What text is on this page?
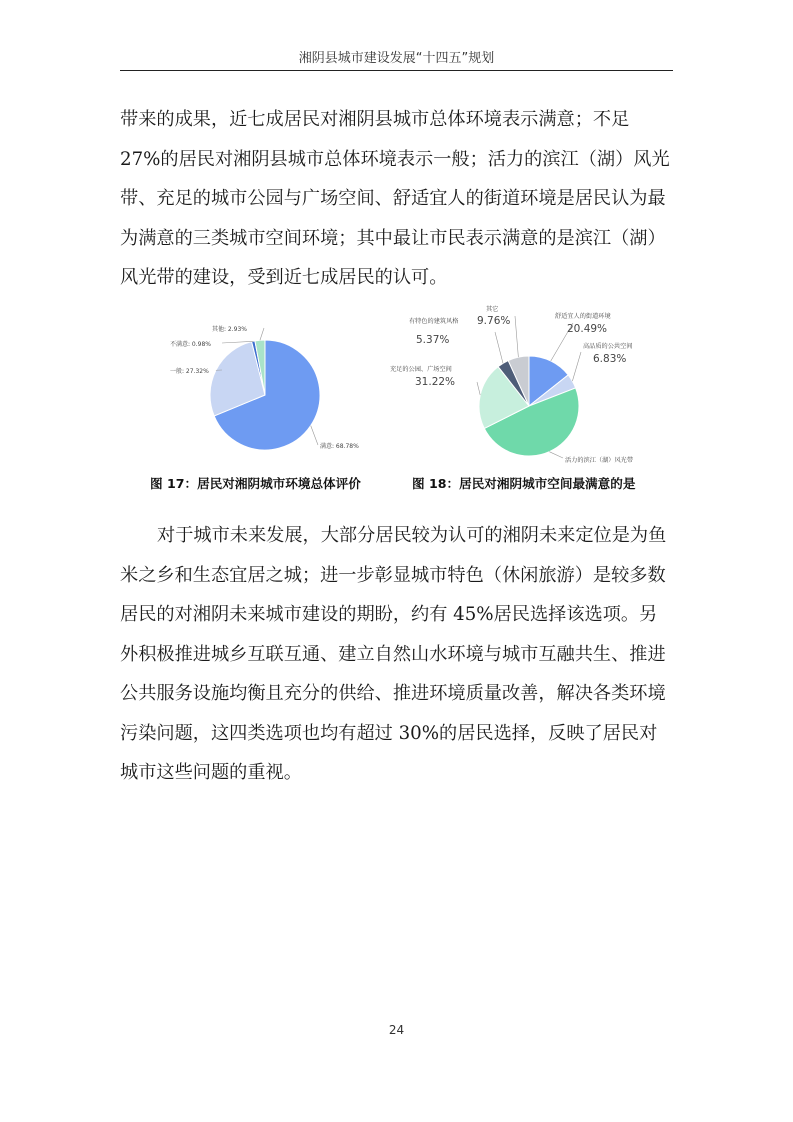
湘阴县城市建设发展“十四五”规划

带来的成果，近七成居民对湘阴县城市总体环境表示满意；不足 27%的居民对湘阴县城市总体环境表示一般；活力的滨江（湖）风光带、充足的城市公园与广场空间、舒适宜人的街道环境是居民认为最为满意的三类城市空间环境；其中最让市民表示满意的是滨江（湖）风光带的建设，受到近七成居民的认可。

满意: 68.78%
一般: 27.32%
不满意: 0.98%
其他: 2.93%
舒适宜人的街道环境
20.49%
高品质的公共空间
6.83%
活力的滨江（湖）风光带
充足的公园、广场空间
31.22%
有特色的建筑风格
5.37%
其它
9.76%
图 17：居民对湘阴城市环境总体评价	图 18：居民对湘阴城市空间最满意的是

对于城市未来发展，大部分居民较为认可的湘阴未来定位是为鱼米之乡和生态宜居之城；进一步彰显城市特色（休闲旅游）是较多数居民的对湘阴未来城市建设的期盼，约有 45%居民选择该选项。另外积极推进城乡互联互通、建立自然山水环境与城市互融共生、推进公共服务设施均衡且充分的供给、推进环境质量改善，解决各类环境污染问题，这四类选项也均有超过 30%的居民选择，反映了居民对城市这些问题的重视。

24
